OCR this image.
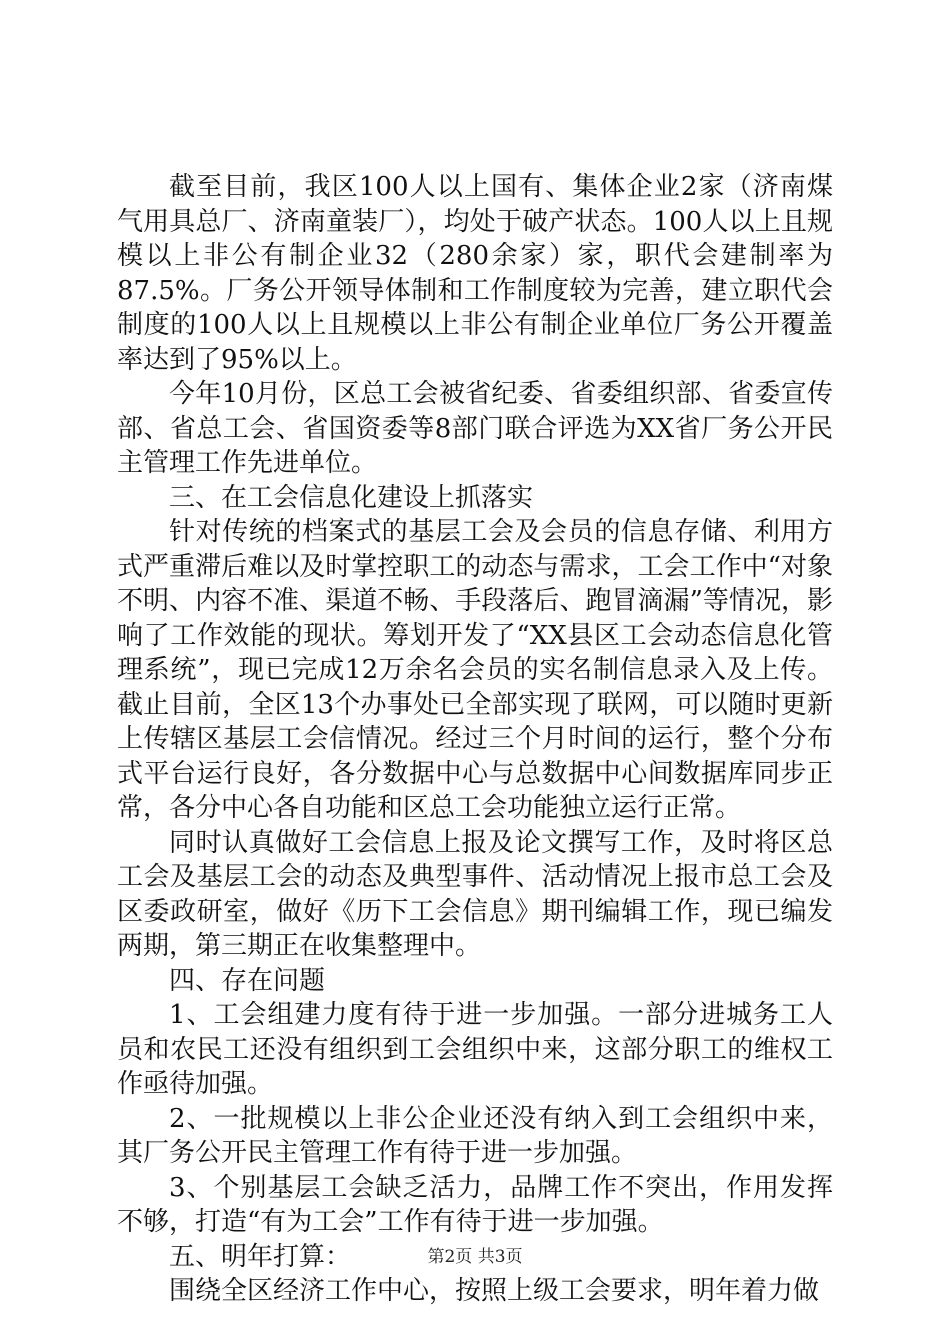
截至目前，我区100人以上国有、集体企业2家（济南煤气用具总厂、济南童装厂），均处于破产状态。100人以上且规模以上非公有制企业32（280余家）家，职代会建制率为87.5%。厂务公开领导体制和工作制度较为完善，建立职代会制度的100人以上且规模以上非公有制企业单位厂务公开覆盖率达到了95%以上。

今年10月份，区总工会被省纪委、省委组织部、省委宣传部、省总工会、省国资委等8部门联合评选为XX省厂务公开民主管理工作先进单位。

三、在工会信息化建设上抓落实

针对传统的档案式的基层工会及会员的信息存储、利用方式严重滞后难以及时掌控职工的动态与需求，工会工作中“对象不明、内容不准、渠道不畅、手段落后、跑冒滴漏”等情况，影响了工作效能的现状。筹划开发了“XX县区工会动态信息化管理系统”，现已完成12万余名会员的实名制信息录入及上传。截止目前，全区13个办事处已全部实现了联网，可以随时更新上传辖区基层工会信情况。经过三个月时间的运行，整个分布式平台运行良好，各分数据中心与总数据中心间数据库同步正常，各分中心各自功能和区总工会功能独立运行正常。

同时认真做好工会信息上报及论文撰写工作，及时将区总工会及基层工会的动态及典型事件、活动情况上报市总工会及区委政研室，做好《历下工会信息》期刊编辑工作，现已编发两期，第三期正在收集整理中。

四、存在问题

1、工会组建力度有待于进一步加强。一部分进城务工人员和农民工还没有组织到工会组织中来，这部分职工的维权工作亟待加强。

2、一批规模以上非公企业还没有纳入到工会组织中来，其厂务公开民主管理工作有待于进一步加强。

3、个别基层工会缺乏活力，品牌工作不突出，作用发挥不够，打造“有为工会”工作有待于进一步加强。

五、明年打算：

围绕全区经济工作中心，按照上级工会要求，明年着力做

第2页 共3页
